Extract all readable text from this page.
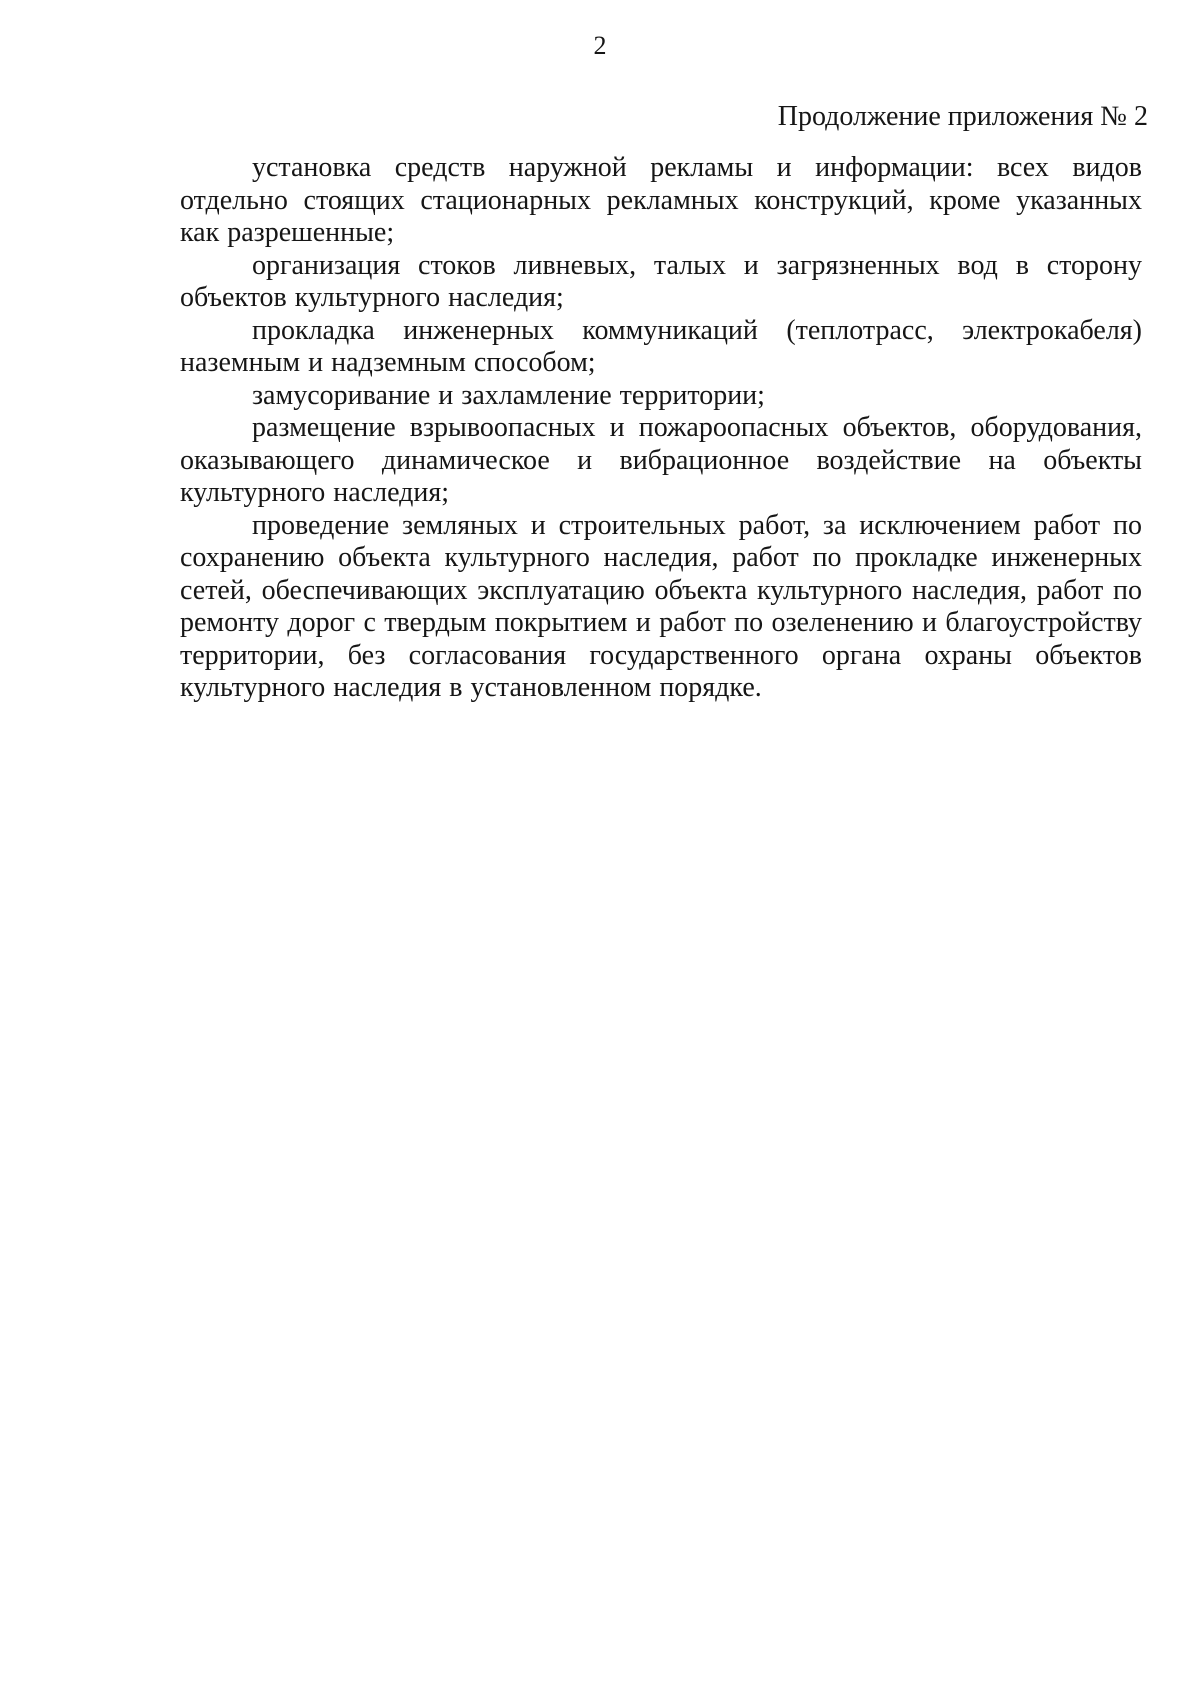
2
Продолжение приложения № 2

установка средств наружной рекламы и информации: всех видов отдельно стоящих стационарных рекламных конструкций, кроме указанных как разрешенные;

организация стоков ливневых, талых и загрязненных вод в сторону объектов культурного наследия;

прокладка инженерных коммуникаций (теплотрасс, электрокабеля) наземным и надземным способом;

замусоривание и захламление территории;

размещение взрывоопасных и пожароопасных объектов, оборудования, оказывающего динамическое и вибрационное воздействие на объекты культурного наследия;

проведение земляных и строительных работ, за исключением работ по сохранению объекта культурного наследия, работ по прокладке инженерных сетей, обеспечивающих эксплуатацию объекта культурного наследия, работ по ремонту дорог с твердым покрытием и работ по озеленению и благоустройству территории, без согласования государственного органа охраны объектов культурного наследия в установленном порядке.
